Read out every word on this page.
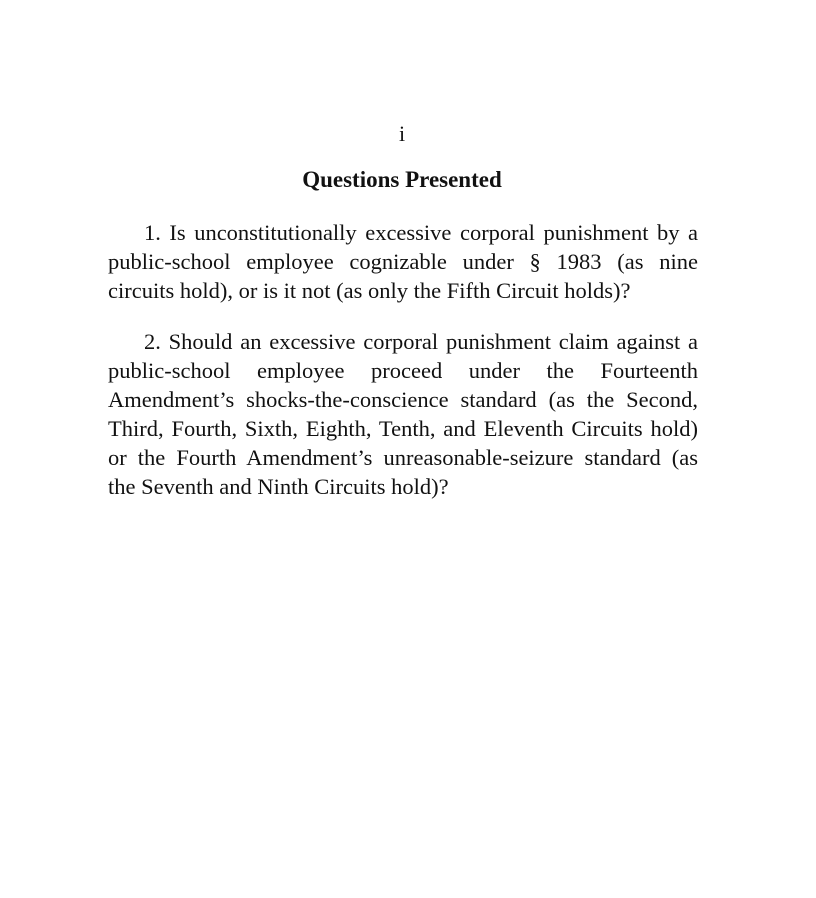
i
Questions Presented

1. Is unconstitutionally excessive corporal punishment by a public-school employee cognizable under § 1983 (as nine circuits hold), or is it not (as only the Fifth Circuit holds)?

2. Should an excessive corporal punishment claim against a public-school employee proceed under the Fourteenth Amendment’s shocks-the-conscience standard (as the Second, Third, Fourth, Sixth, Eighth, Tenth, and Eleventh Circuits hold) or the Fourth Amendment’s unreasonable-seizure standard (as the Seventh and Ninth Circuits hold)?
